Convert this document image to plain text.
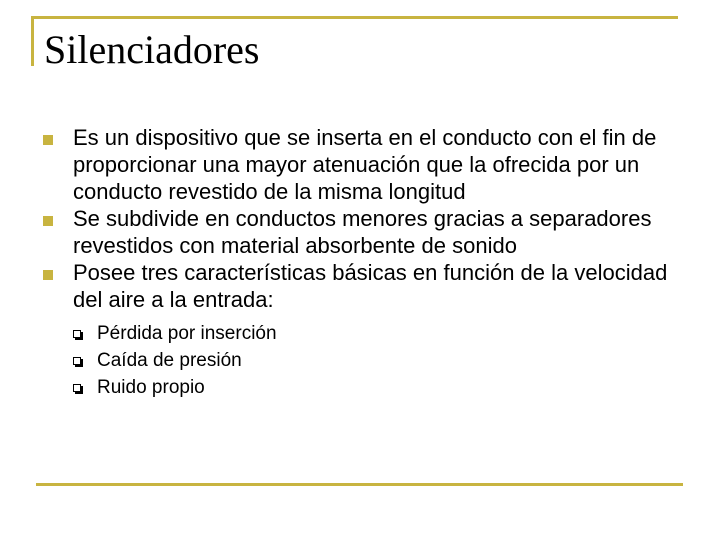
Silenciadores
Es un dispositivo que se inserta en el conducto con el fin de proporcionar una mayor atenuación que la ofrecida por un conducto revestido de la misma longitud
Se subdivide en conductos menores gracias a separadores revestidos con material absorbente de sonido
Posee tres características básicas en función de la velocidad del aire a la entrada:
Pérdida por inserción
Caída de presión
Ruido propio
